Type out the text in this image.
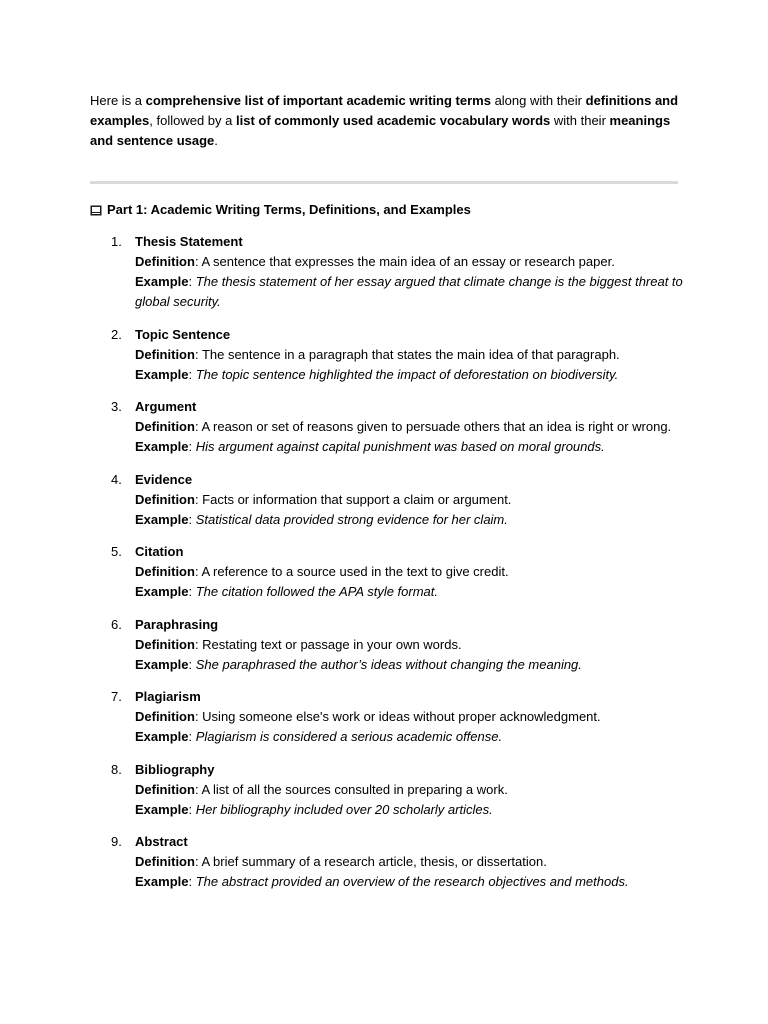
Here is a comprehensive list of important academic writing terms along with their definitions and examples, followed by a list of commonly used academic vocabulary words with their meanings and sentence usage.

Part 1: Academic Writing Terms, Definitions, and Examples
1. Thesis Statement
Definition: A sentence that expresses the main idea of an essay or research paper.
Example: The thesis statement of her essay argued that climate change is the biggest threat to global security.
2. Topic Sentence
Definition: The sentence in a paragraph that states the main idea of that paragraph.
Example: The topic sentence highlighted the impact of deforestation on biodiversity.
3. Argument
Definition: A reason or set of reasons given to persuade others that an idea is right or wrong.
Example: His argument against capital punishment was based on moral grounds.
4. Evidence
Definition: Facts or information that support a claim or argument.
Example: Statistical data provided strong evidence for her claim.
5. Citation
Definition: A reference to a source used in the text to give credit.
Example: The citation followed the APA style format.
6. Paraphrasing
Definition: Restating text or passage in your own words.
Example: She paraphrased the author’s ideas without changing the meaning.
7. Plagiarism
Definition: Using someone else's work or ideas without proper acknowledgment.
Example: Plagiarism is considered a serious academic offense.
8. Bibliography
Definition: A list of all the sources consulted in preparing a work.
Example: Her bibliography included over 20 scholarly articles.
9. Abstract
Definition: A brief summary of a research article, thesis, or dissertation.
Example: The abstract provided an overview of the research objectives and methods.
